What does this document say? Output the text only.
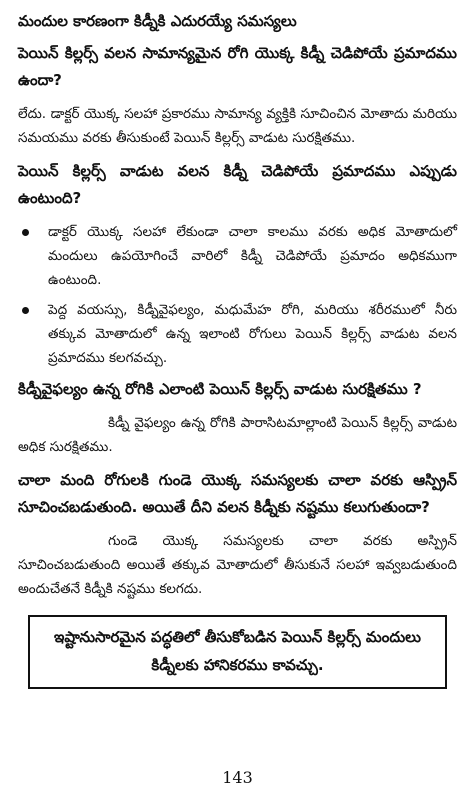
మందుల కారణంగా కిడ్నీకి ఎదురయ్యే సమస్యలు
పెయిన్ కిల్లర్స్ వలన సామాన్యమైన రోగి యొక్క కిడ్నీ చెడిపోయే ప్రమాదము ఉందా?
లేదు. డాక్టర్ యొక్క సలహా ప్రకారము సామాన్య వ్యక్తికి సూచించిన మోతాదు మరియు సమయము వరకు తీసుకుంటే పెయిన్ కిల్లర్స్ వాడుట సురక్షితము.
పెయిన్ కిల్లర్స్ వాడుట వలన కిడ్నీ చెడిపోయే ప్రమాదము ఎప్పుడు ఉంటుంది?
డాక్టర్ యొక్క సలహా లేకుండా చాలా కాలము వరకు అధిక మోతాదులో మందులు ఉపయోగించే వారిలో కిడ్నీ చెడిపోయే ప్రమాదం అధికముగా ఉంటుంది.
పెద్ద వయస్సు, కిడ్నీవైఫల్యం, మధుమేహ రోగి, మరియు శరీరములో నీరు తక్కువ మోతాదులో ఉన్న ఇలాంటి రోగులు పెయిన్ కిల్లర్స్ వాడుట వలన ప్రమాదము కలగవచ్చు.
కిడ్నీవైఫల్యం ఉన్న రోగికి ఎలాంటి పెయిన్ కిల్లర్స్ వాడుట సురక్షితము ?
కిడ్నీ వైఫల్యం ఉన్న రోగికి పారాసిటమాల్లాంటి పెయిన్ కిల్లర్స్ వాడుట అధిక సురక్షితము.
చాలా మంది రోగులకి గుండె యొక్క సమస్యలకు చాలా వరకు ఆస్ప్రిన్ సూచించబడుతుంది. అయితే దీని వలన కిడ్నీకు నష్టము కలుగుతుందా?
గుండె యొక్క సమస్యలకు చాలా వరకు అస్ప్రిన్ సూచించబడుతుంది అయితే తక్కువ మోతాదులో తీసుకునే సలహా ఇవ్వబడుతుంది అందుచేతనే కిడ్నీకి నష్టము కలగదు.
ఇష్టానుసారమైన పద్ధతిలో తీసుకోబడిన పెయిన్ కిల్లర్స్ మందులు కిడ్నీలకు హానికరము కావచ్చు.
143
